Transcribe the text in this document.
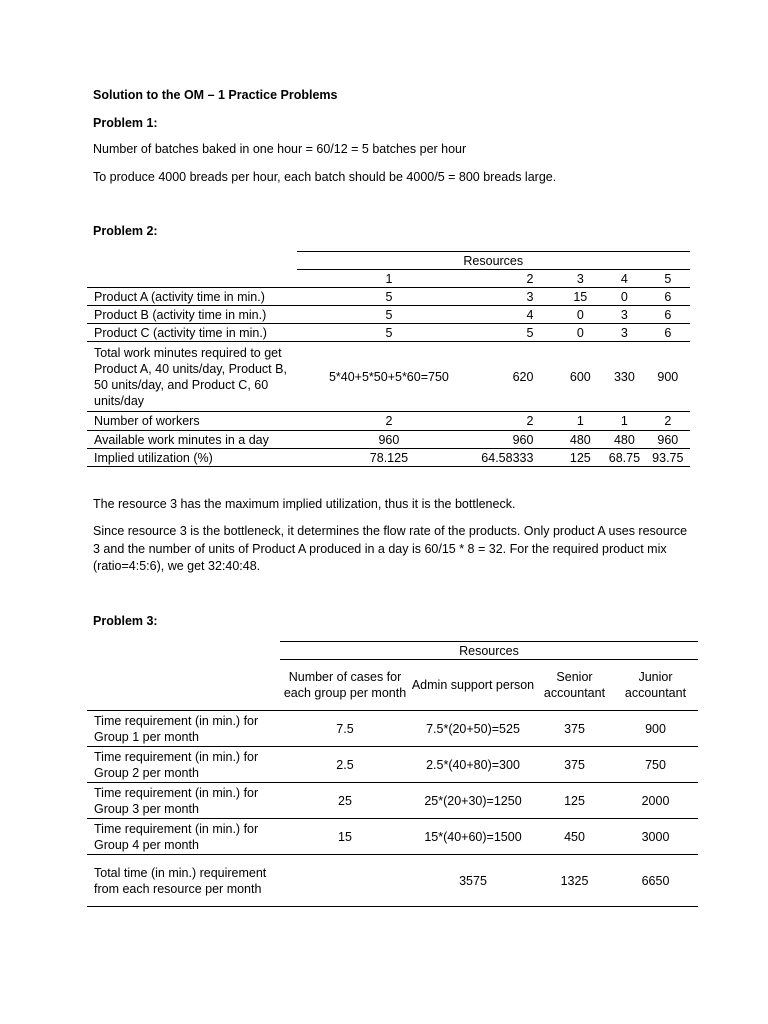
Solution to the OM – 1 Practice Problems
Problem 1:
Number of batches baked in one hour = 60/12 = 5 batches per hour
To produce 4000 breads per hour, each batch should be 4000/5 = 800 breads large.
Problem 2:
	Resources				
	1	2	3	4	5
Product A (activity time in min.)	5	3	15	0	6
Product B (activity time in min.)	5	4	0	3	6
Product C (activity time in min.)	5	5	0	3	6
Total work minutes required to get Product A, 40 units/day, Product B, 50 units/day, and Product C, 60 units/day	5*40+5*50+5*60=750	620	600	330	900
Number of workers	2	2	1	1	2
Available work minutes in a day	960	960	480	480	960
Implied utilization (%)	78.125	64.58333	125	68.75	93.75
The resource 3 has the maximum implied utilization, thus it is the bottleneck.
Since resource 3 is the bottleneck, it determines the flow rate of the products. Only product A uses resource 3 and the number of units of Product A produced in a day is 60/15 * 8 = 32. For the required product mix (ratio=4:5:6), we get 32:40:48.
Problem 3:
	Resources			
	Number of cases for each group per month	Admin support person	Senior accountant	Junior accountant
Time requirement (in min.) for Group 1 per month	7.5	7.5*(20+50)=525	375	900
Time requirement (in min.) for Group 2 per month	2.5	2.5*(40+80)=300	375	750
Time requirement (in min.) for Group 3 per month	25	25*(20+30)=1250	125	2000
Time requirement (in min.) for Group 4 per month	15	15*(40+60)=1500	450	3000
Total time (in min.) requirement from each resource per month		3575	1325	6650
